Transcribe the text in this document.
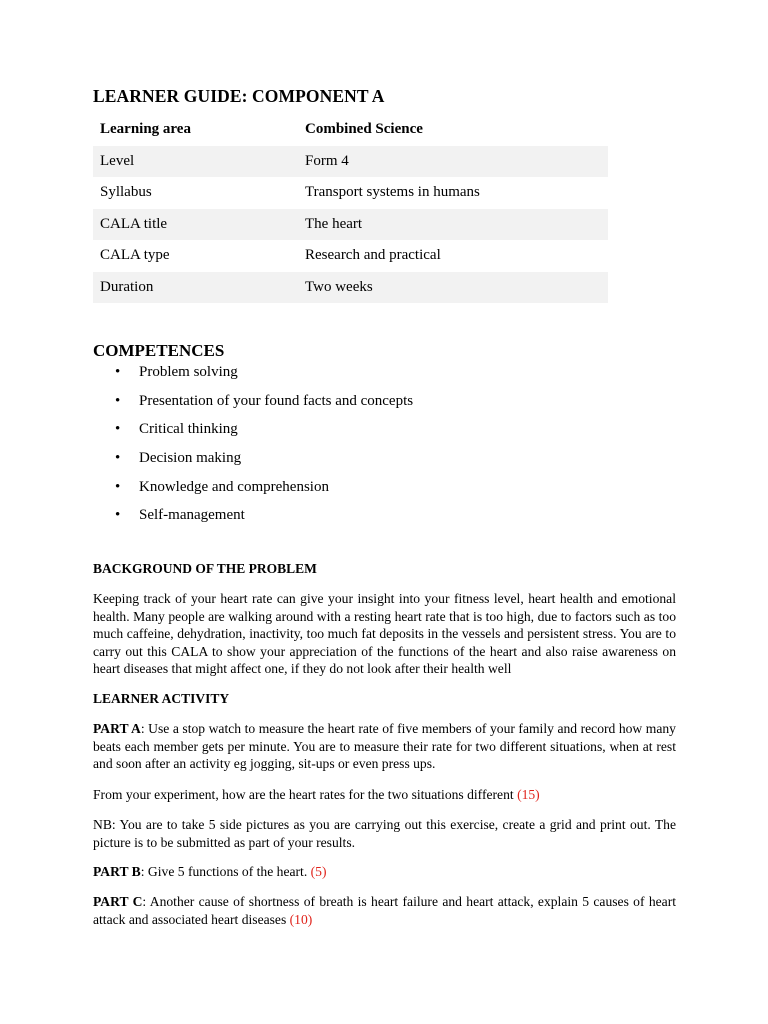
LEARNER GUIDE: COMPONENT A
Learning area	Combined Science

Level	Form 4

Syllabus	Transport systems in humans

CALA title	The heart

CALA type	Research and practical

Duration	Two weeks
COMPETENCES
• Problem solving
• Presentation of your found facts and concepts
• Critical thinking
• Decision making
• Knowledge and comprehension
• Self-management
BACKGROUND OF THE PROBLEM

Keeping track of your heart rate can give your insight into your fitness level, heart health and emotional health. Many people are walking around with a resting heart rate that is too high, due to factors such as too much caffeine, dehydration, inactivity, too much fat deposits in the vessels and persistent stress. You are to carry out this CALA to show your appreciation of the functions of the heart and also raise awareness on heart diseases that might affect one, if they do not look after their health well

LEARNER ACTIVITY

PART A: Use a stop watch to measure the heart rate of five members of your family and record how many beats each member gets per minute. You are to measure their rate for two different situations, when at rest and soon after an activity eg jogging, sit-ups or even press ups.

From your experiment, how are the heart rates for the two situations different (15)

NB: You are to take 5 side pictures as you are carrying out this exercise, create a grid and print out. The picture is to be submitted as part of your results.

PART B: Give 5 functions of the heart. (5)

PART C: Another cause of shortness of breath is heart failure and heart attack, explain 5 causes of heart attack and associated heart diseases (10)
